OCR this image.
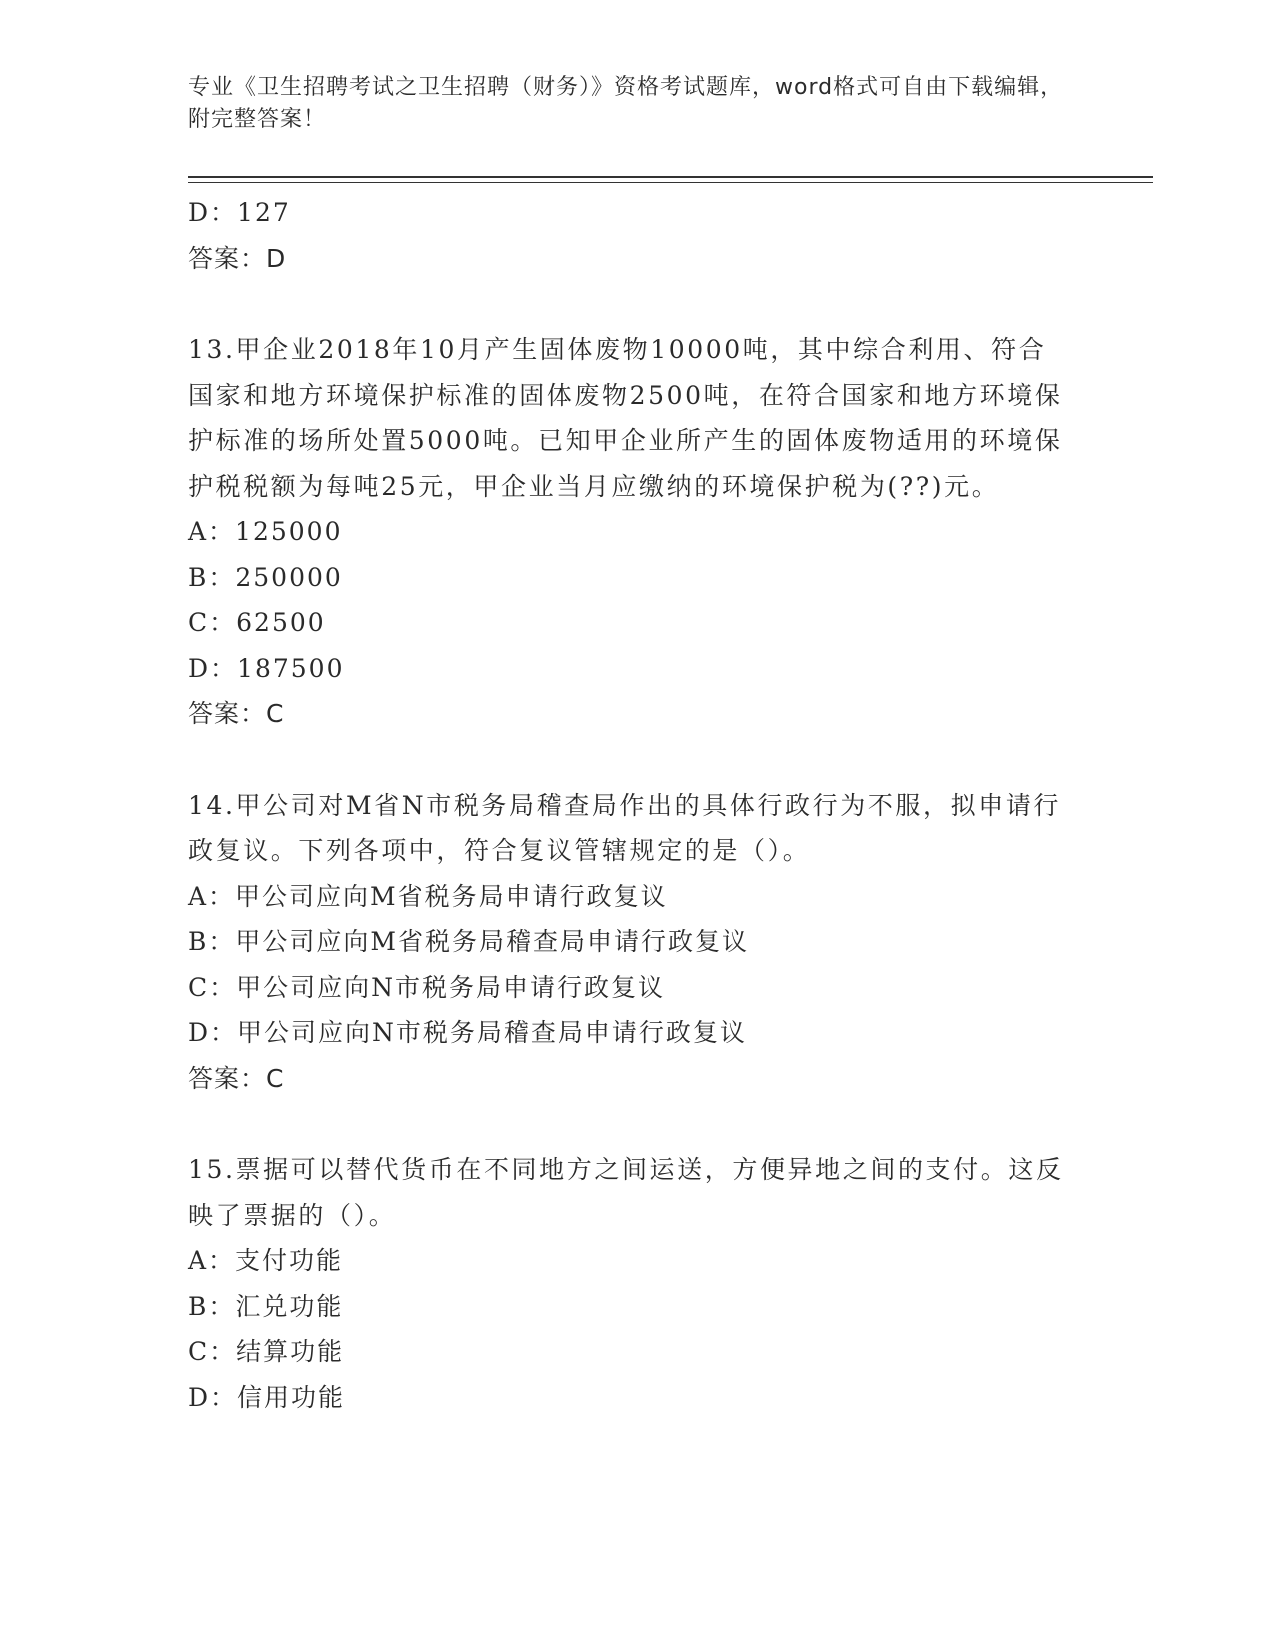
专业《卫生招聘考试之卫生招聘（财务）》资格考试题库，word格式可自由下载编辑，附完整答案！
D：127
答案：D
13.甲企业2018年10月产生固体废物10000吨，其中综合利用、符合国家和地方环境保护标准的固体废物2500吨，在符合国家和地方环境保护标准的场所处置5000吨。已知甲企业所产生的固体废物适用的环境保护税税额为每吨25元，甲企业当月应缴纳的环境保护税为(??)元。
A：125000
B：250000
C：62500
D：187500
答案：C
14.甲公司对M省N市税务局稽查局作出的具体行政行为不服，拟申请行政复议。下列各项中，符合复议管辖规定的是（）。
A：甲公司应向M省税务局申请行政复议
B：甲公司应向M省税务局稽查局申请行政复议
C：甲公司应向N市税务局申请行政复议
D：甲公司应向N市税务局稽查局申请行政复议
答案：C
15.票据可以替代货币在不同地方之间运送，方便异地之间的支付。这反映了票据的（）。
A：支付功能
B：汇兑功能
C：结算功能
D：信用功能
